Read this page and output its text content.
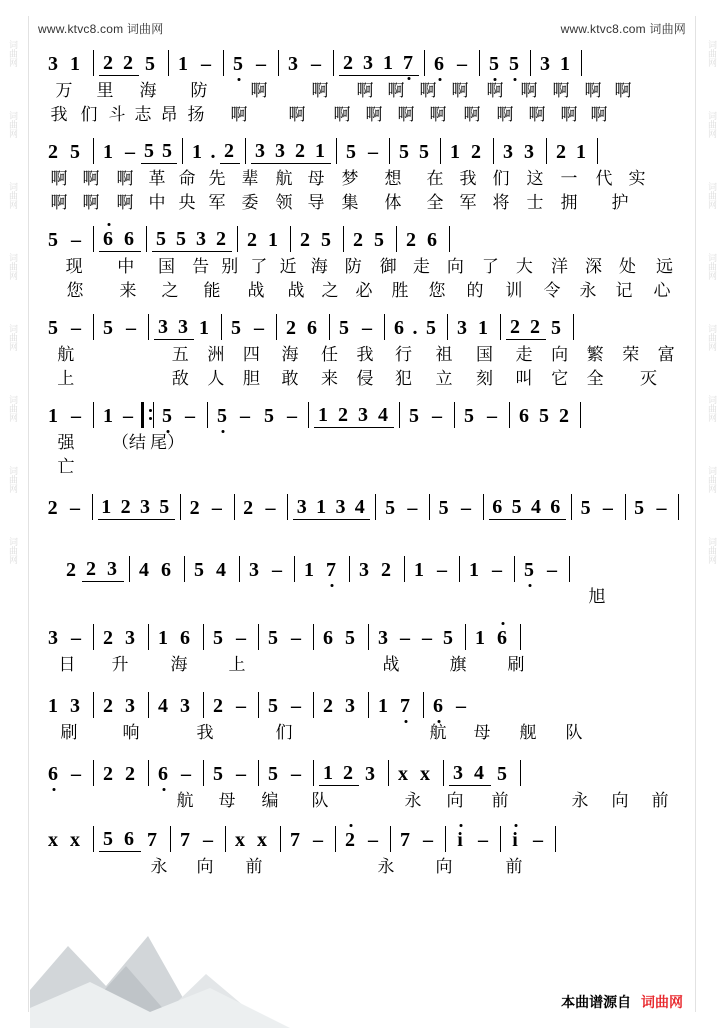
词曲网
词曲网
词曲网
词曲网
词曲网
词曲网
词曲网
词曲网
词曲网
词曲网
词曲网
词曲网
词曲网
词曲网
词曲网
词曲网
www.ktvc8.com 词曲网	www.ktvc8.com 词曲网
3 1	2 2 5	1 –	5 –	3 –	2 3 1 7 6 –	5 5 3 1
万	里	海	防	啊	啊	啊 啊 啊 啊	啊	啊 啊 啊 啊
我 们 斗 志 昂 扬	啊	啊	啊 啊 啊 啊	啊 啊 啊 啊 啊
2 5	1 – 5 5 1 . 2 3 3 2 1 5 –	5 5 1 2 3 3 2 1
啊 啊	啊 革 命 先 辈	航 母	梦	想	在 我 们	这	一	代 实
啊 啊	啊 中 央 军 委	领 导	集	体	全 军 将	士	拥	护
5 –	6 6 5 5 3 2 2 1 2 5 2 5 2 6
现	中	国	告 别 了 近 海	防	御 走	向	了	大	洋	深	处	远
您	来	之	能	战	战	之	必	胜	您	的	训	令	永	记	心
5 –	5 –	3 3 1 5 –	2 6 5 –	6 . 5 3 1 2 2 5
航	五	洲	四	海	任	我	行	祖	国	走	向	繁	荣	富
上	敌	人	胆	敢	来	侵	犯	立	刻	叫	它	全	灭
1 –	1 – 5 –	5 – 5 –	1 2 3 4 5 –	5 –	6 5 2
强	（结 尾）
亡
2 –	1 2 3 5 2 –	2 –	3 1 3 4 5 –	5 –	6 5 4 6 5 –	5 –
2 2 3 4 6	5 4	3 –	1 7	3 2	1 –	1 –	5 –
旭
3 –	2 3	1 6	5 –	5 –	6 5	3 – – 5 1 6
日	升	海	上	战	旗	刷
1 3	2 3	4 3	2 –	5 –	2 3	1 7	6 –
刷	响	我	们	航	母	舰	队
6 –	2 2	6 –	5 –	5 –	1 2 3	x x	3 4 5
航	母	编	队	永	向	前	永	向	前
x x	5 6 7	7 –	x x	7 –	2 –	7 –	i –	i –
永	向	前	永	向	前
本曲谱源自 词曲网
